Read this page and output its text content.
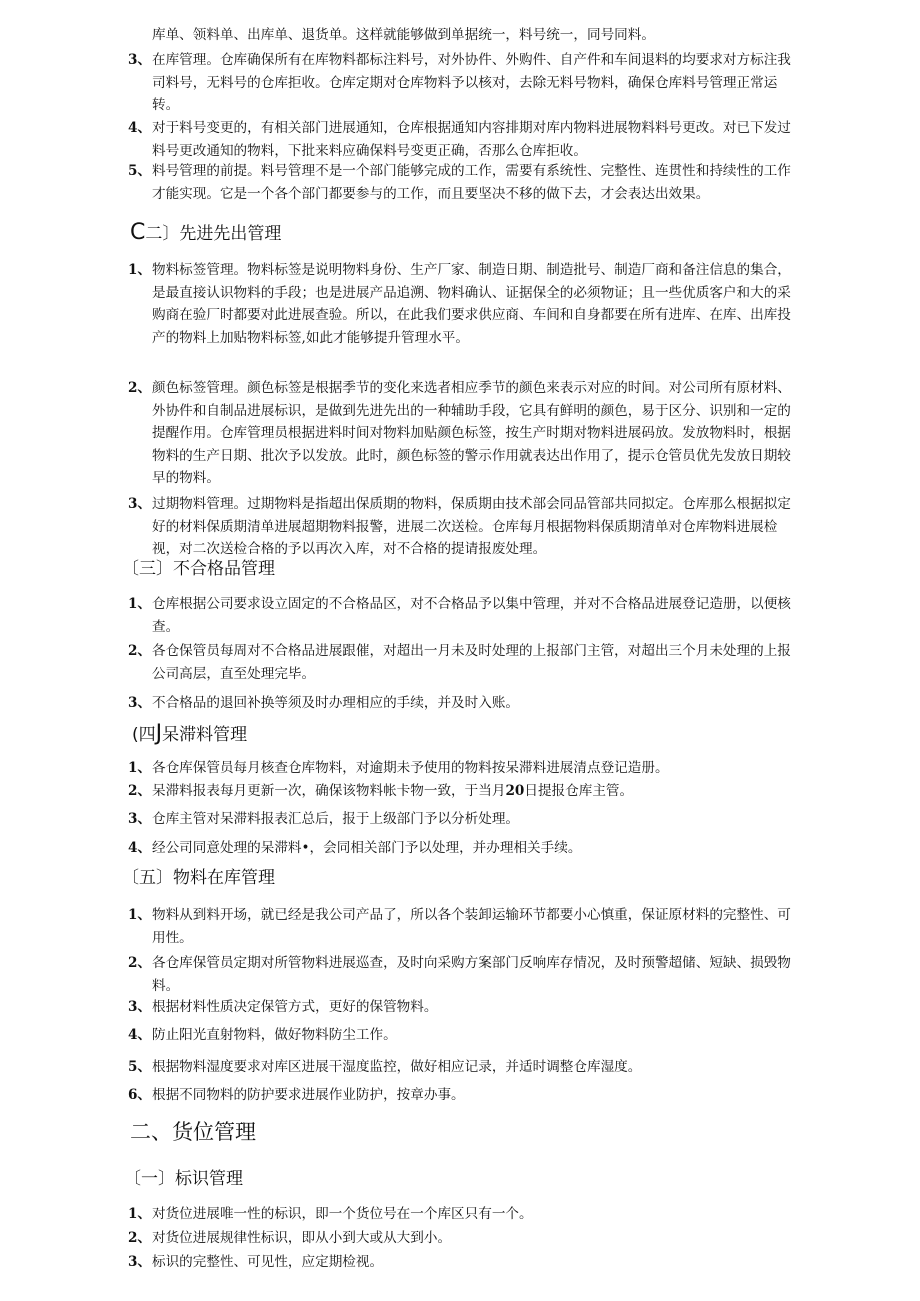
库单、领料单、出库单、退货单。这样就能够做到单据统一，料号统一，同号同料。
3、 在库管理。仓库确保所有在库物料都标注料号，对外协件、外购件、自产件和车间退料的均要求对方标注我司料号，无料号的仓库拒收。仓库定期对仓库物料予以核对，去除无料号物料，确保仓库料号管理正常运转。
4、 对于料号变更的，有相关部门进展通知，仓库根据通知内容排期对库内物料进展物料料号更改。对已下发过料号更改通知的物料，下批来料应确保料号变更正确，否那么仓库拒收。
5、 料号管理的前提。料号管理不是一个部门能够完成的工作，需要有系统性、完整性、连贯性和持续性的工作才能实现。它是一个各个部门都要参与的工作，而且要坚决不移的做下去，才会表达出效果。
C二〕先进先出管理
1、 物料标签管理。物料标签是说明物料身份、生产厂家、制造日期、制造批号、制造厂商和备注信息的集合，是最直接认识物料的手段；也是进展产品追溯、物料确认、证据保全的必须物证；且一些优质客户和大的采购商在验厂时都要对此进展查验。所以，在此我们要求供应商、车间和自身都要在所有进库、在库、出库投产的物料上加贴物料标签,如此才能够提升管理水平。
2、 颜色标签管理。颜色标签是根据季节的变化来选者相应季节的颜色来表示对应的时间。对公司所有原材料、外协件和自制品进展标识，是做到先进先出的一种辅助手段，它具有鲜明的颜色，易于区分、识别和一定的提醒作用。仓库管理员根据进料时间对物料加贴颜色标签，按生产时期对物料进展码放。发放物料时，根据物料的生产日期、批次予以发放。此时，颜色标签的警示作用就表达出作用了，提示仓管员优先发放日期较早的物料。
3、 过期物料管理。过期物料是指超出保质期的物料，保质期由技术部会同品管部共同拟定。仓库那么根据拟定好的材料保质期清单进展超期物料报警，进展二次送检。仓库每月根据物料保质期清单对仓库物料进展检视，对二次送检合格的予以再次入库，对不合格的提请报废处理。
〔三〕不合格品管理
1、 仓库根据公司要求设立固定的不合格品区，对不合格品予以集中管理，并对不合格品进展登记造册，以便核查。
2、 各仓保管员每周对不合格品进展跟催，对超出一月未及时处理的上报部门主管，对超出三个月未处理的上报公司高层，直至处理完毕。
3、 不合格品的退回补换等须及时办理相应的手续，并及时入账。
(四J呆滞料管理
1、 各仓库保管员每月核查仓库物料，对逾期未予使用的物料按呆滞料进展清点登记造册。
2、 呆滞料报表每月更新一次，确保该物料帐卡物一致，于当月20日提报仓库主管。
3、 仓库主管对呆滞料报表汇总后，报于上级部门予以分析处理。
4、 经公司同意处理的呆滞料•，会同相关部门予以处理，并办理相关手续。
〔五〕物料在库管理
1、 物料从到料开场，就已经是我公司产品了，所以各个装卸运输环节都要小心慎重，保证原材料的完整性、可用性。
2、 各仓库保管员定期对所管物料进展巡查，及时向采购方案部门反响库存情况，及时预警超储、短缺、损毁物料。
3、 根据材料性质决定保管方式，更好的保管物料。
4、 防止阳光直射物料，做好物料防尘工作。
5、 根据物料湿度要求对库区进展干湿度监控，做好相应记录，并适时调整仓库湿度。
6、 根据不同物料的防护要求进展作业防护，按章办事。
二、货位管理
〔一〕标识管理
1、 对货位进展唯一性的标识，即一个货位号在一个库区只有一个。
2、 对货位进展规律性标识，即从小到大或从大到小。
3、 标识的完整性、可见性，应定期检视。
